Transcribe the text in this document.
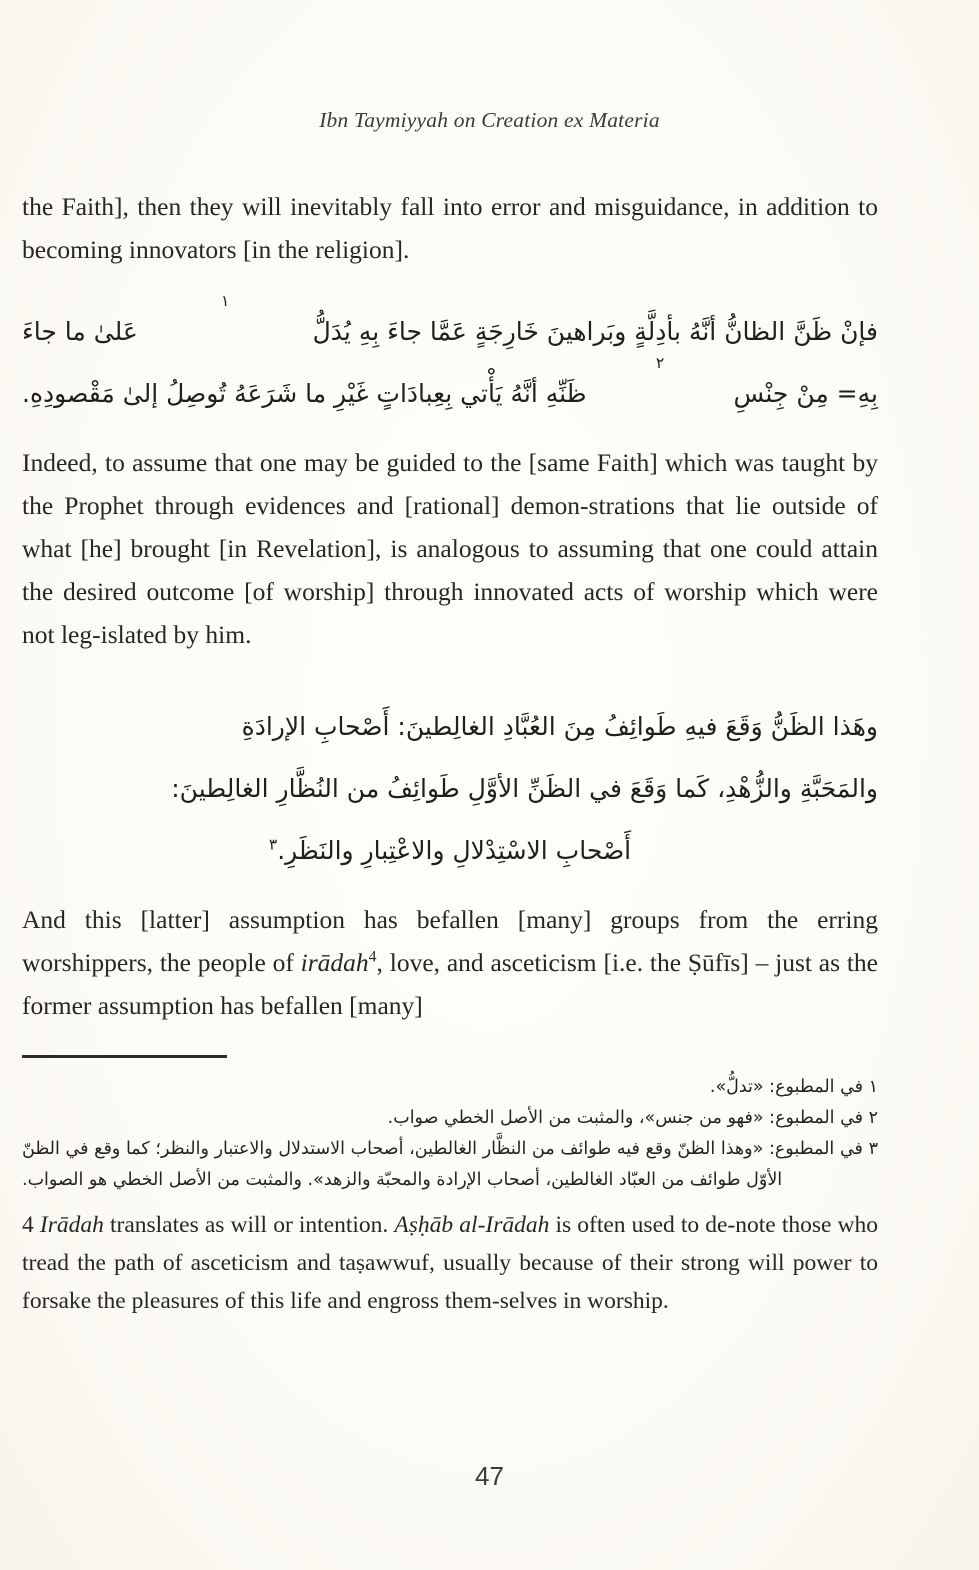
Ibn Taymiyyah on Creation ex Materia

the Faith], then they will inevitably fall into error and misguidance, in addition to becoming innovators [in the religion].

فإنْ ظَنَّ الظانُّ أنَّهُ بأدِلَّةٍ وبَراهينَ خَارِجَةٍ عَمَّا جاءَ بِهِ يُدَلُّ
١
عَلىٰ ما جاءَ
بِهِ= مِنْ جِنْسِ
٢
ظَنِّهِ أنَّهُ يَأْتي بِعِبادَاتٍ غَيْرِ ما شَرَعَهُ تُوصِلُ إلىٰ مَقْصودِهِ.

Indeed, to assume that one may be guided to the [same Faith] which was taught by the Prophet through evidences and [rational] demon-strations that lie outside of what [he] brought [in Revelation], is analogous to assuming that one could attain the desired outcome [of worship] through innovated acts of worship which were not leg-islated by him.

وهَذا الظَنُّ وَقَعَ فيهِ طَوائِفُ مِنَ العُبَّادِ الغالِطينَ: أَصْحابِ الإرادَةِ
والمَحَبَّةِ والزُّهْدِ، كَما وَقَعَ في الظَنِّ الأوَّلِ طَوائِفُ من النُظَّارِ الغالِطينَ:
أَصْحابِ الاسْتِدْلالِ والاعْتِبارِ والنَظَرِ.$^٣$

And this [latter] assumption has befallen [many] groups from the erring worshippers, the people of irādah$^4$, love, and asceticism [i.e. the Ṣūfīs] – just as the former assumption has befallen [many]

١ في المطبوع: «تدلُّ».

٢ في المطبوع: «فهو من جنس»، والمثبت من الأصل الخطي صواب.

٣ في المطبوع: «وهذا الظنّ وقع فيه طوائف من النظَّار الغالطين، أصحاب الاستدلال والاعتبار والنظر؛ كما وقع في الظنّ الأوّل طوائف من العبّاد الغالطين، أصحاب الإرادة والمحبّة والزهد». والمثبت من الأصل الخطي هو الصواب.

4 Irādah translates as will or intention. Aṣḥāb al-Irādah is often used to de-note those who tread the path of asceticism and taṣawwuf, usually because of their strong will power to forsake the pleasures of this life and engross them-selves in worship.

47
